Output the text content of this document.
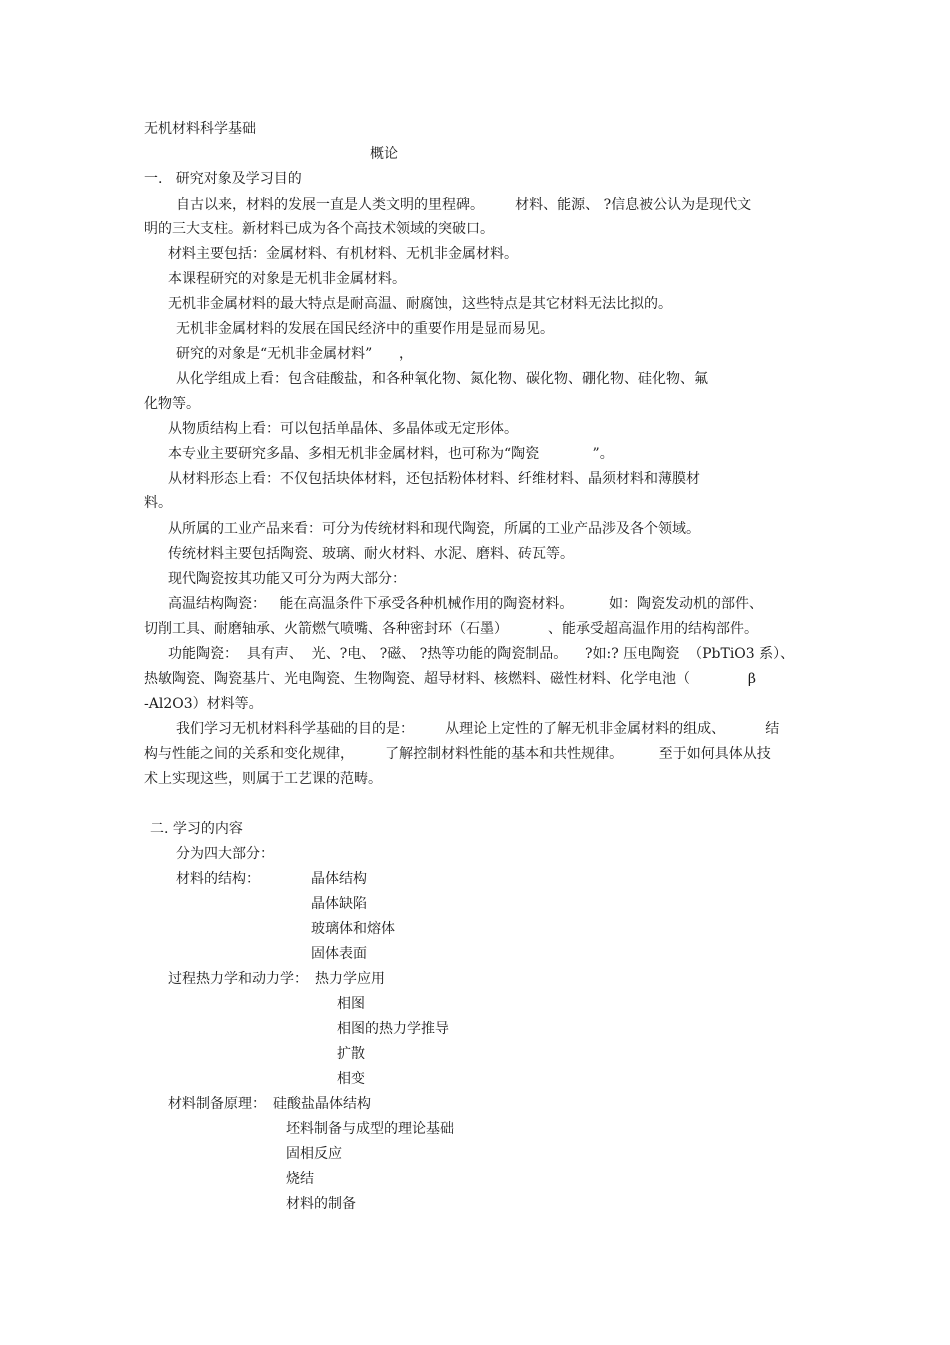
无机材料科学基础
概论
一.   研究对象及学习目的
自古以来，材料的发展一直是人类文明的里程碑。       材料、能源、 ?信息被公认为是现代文
明的三大支柱。新材料已成为各个高技术领域的突破口。
材料主要包括：金属材料、有机材料、无机非金属材料。
本课程研究的对象是无机非金属材料。
无机非金属材料的最大特点是耐高温、耐腐蚀，这些特点是其它材料无法比拟的。
无机非金属材料的发展在国民经济中的重要作用是显而易见。
研究的对象是“无机非金属材料”      ，
从化学组成上看：包含硅酸盐，和各种氧化物、氮化物、碳化物、硼化物、硅化物、氟
化物等。
从物质结构上看：可以包括单晶体、多晶体或无定形体。
本专业主要研究多晶、多相无机非金属材料，也可称为“陶瓷            ”。
从材料形态上看：不仅包括块体材料，还包括粉体材料、纤维材料、晶须材料和薄膜材
料。
从所属的工业产品来看：可分为传统材料和现代陶瓷，所属的工业产品涉及各个领域。
传统材料主要包括陶瓷、玻璃、耐火材料、水泥、磨料、砖瓦等。
现代陶瓷按其功能又可分为两大部分：
高温结构陶瓷：   能在高温条件下承受各种机械作用的陶瓷材料。        如：陶瓷发动机的部件、
切削工具、耐磨轴承、火箭燃气喷嘴、各种密封环（石墨）         、能承受超高温作用的结构部件。
功能陶瓷：  具有声、  光、?电、 ?磁、 ?热等功能的陶瓷制品。    ?如:? 压电陶瓷  （PbTiO3 系）、
热敏陶瓷、陶瓷基片、光电陶瓷、生物陶瓷、超导材料、核燃料、磁性材料、化学电池（             β
-Al2O3）材料等。
我们学习无机材料科学基础的目的是：       从理论上定性的了解无机非金属材料的组成、         结
构与性能之间的关系和变化规律，       了解控制材料性能的基本和共性规律。        至于如何具体从技
术上实现这些，则属于工艺课的范畴。
二. 学习的内容
分为四大部分：
材料的结构：	晶体结构
晶体缺陷
玻璃体和熔体
固体表面
过程热力学和动力学： 热力学应用
相图
相图的热力学推导
扩散
相变
材料制备原理： 硅酸盐晶体结构
坯料制备与成型的理论基础
固相反应
烧结
材料的制备
